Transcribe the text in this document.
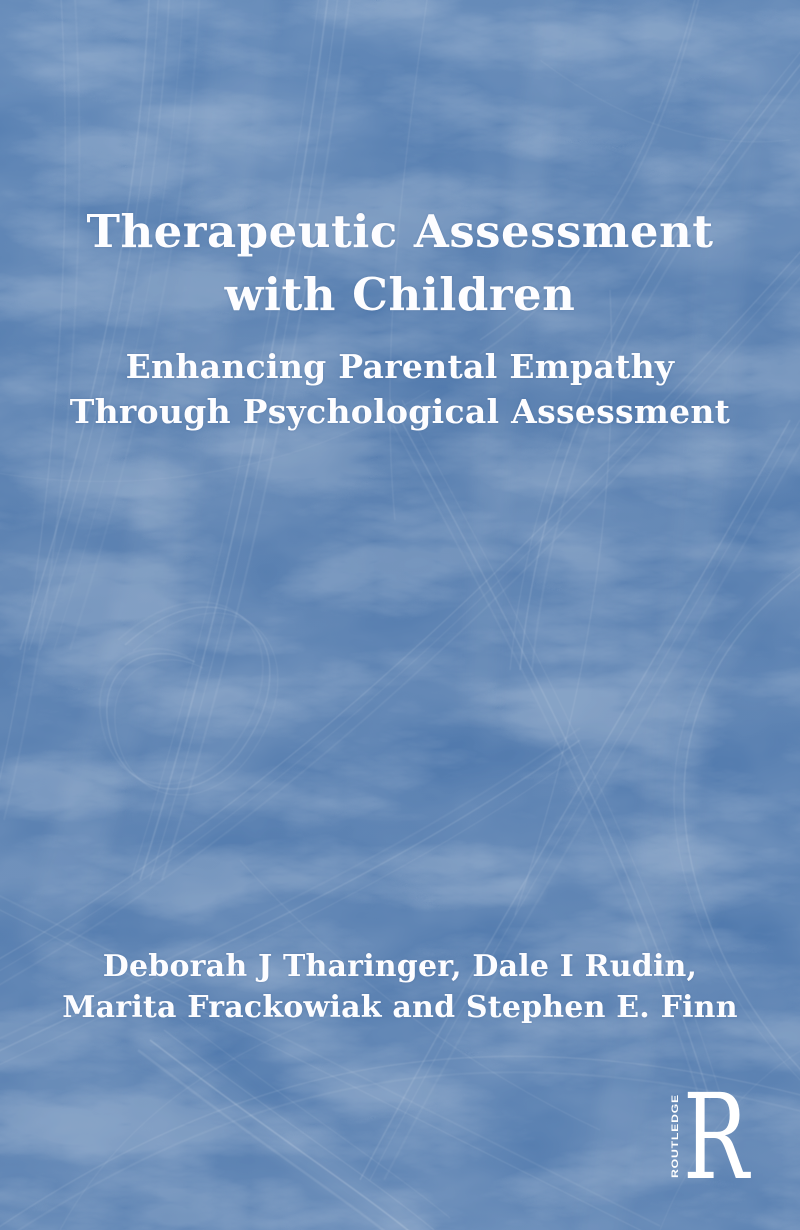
Therapeutic Assessment
with Children
Enhancing Parental Empathy
Through Psychological Assessment
Deborah J Tharinger, Dale I Rudin,
Marita Frackowiak and Stephen E. Finn
ROUTLEDGE R
